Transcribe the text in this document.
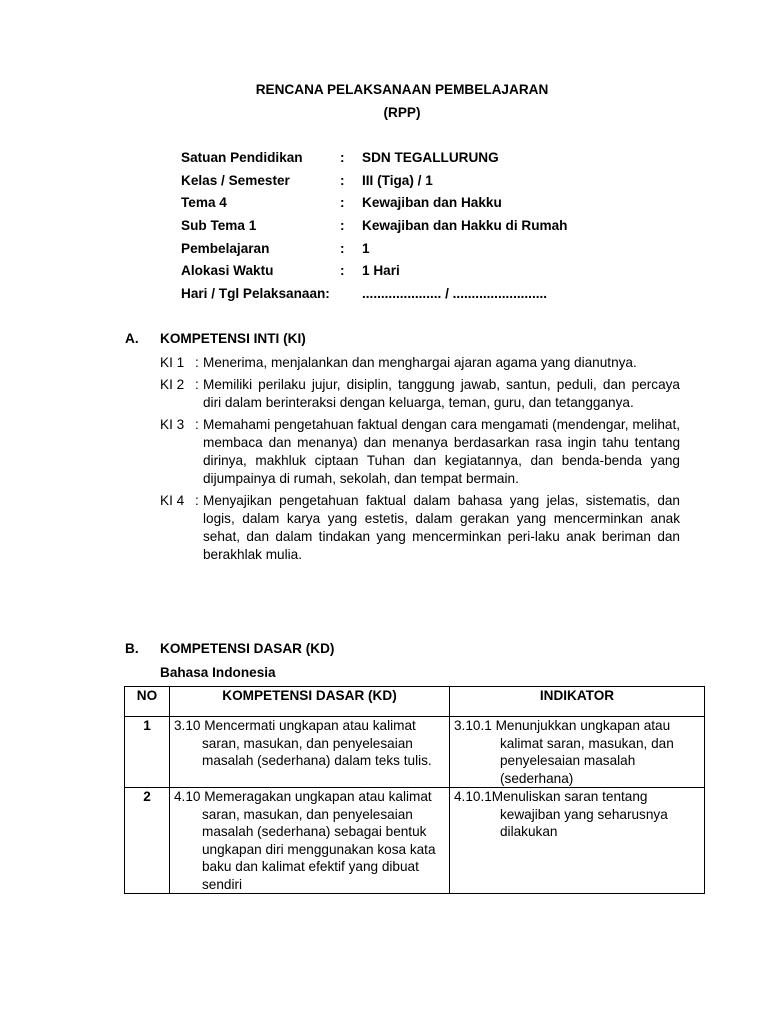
RENCANA PELAKSANAAN PEMBELAJARAN
(RPP)
Satuan Pendidikan	: SDN TEGALLURUNG
Kelas / Semester	: III (Tiga) / 1
Tema 4	: Kewajiban dan Hakku
Sub Tema 1	: Kewajiban dan Hakku di Rumah
Pembelajaran	: 1
Alokasi Waktu	: 1 Hari
Hari / Tgl Pelaksanaan: ..................... / .........................
A. KOMPETENSI INTI (KI)
KI 1 : Menerima, menjalankan dan menghargai ajaran agama yang dianutnya.
KI 2 : Memiliki perilaku jujur, disiplin, tanggung jawab, santun, peduli, dan percaya diri dalam berinteraksi dengan keluarga, teman, guru, dan tetangganya.
KI 3 : Memahami pengetahuan faktual dengan cara mengamati (mendengar, melihat, membaca dan menanya) dan menanya berdasarkan rasa ingin tahu tentang dirinya, makhluk ciptaan Tuhan dan kegiatannya, dan benda-benda yang dijumpainya di rumah, sekolah, dan tempat bermain.
KI 4 : Menyajikan pengetahuan faktual dalam bahasa yang jelas, sistematis, dan logis, dalam karya yang estetis, dalam gerakan yang mencerminkan anak sehat, dan dalam tindakan yang mencerminkan peri-laku anak beriman dan berakhlak mulia.
B. KOMPETENSI DASAR (KD)
Bahasa Indonesia
NO	KOMPETENSI DASAR (KD)	INDIKATOR
1	3.10 Mencermati ungkapan atau kalimat saran, masukan, dan penyelesaian masalah (sederhana) dalam teks tulis.	3.10.1 Menunjukkan ungkapan atau kalimat saran, masukan, dan penyelesaian masalah (sederhana)

2	4.10 Memeragakan ungkapan atau kalimat saran, masukan, dan penyelesaian masalah (sederhana) sebagai bentuk ungkapan diri menggunakan kosa kata baku dan kalimat efektif yang dibuat sendiri	4.10.1Menuliskan saran tentang kewajiban yang seharusnya dilakukan
